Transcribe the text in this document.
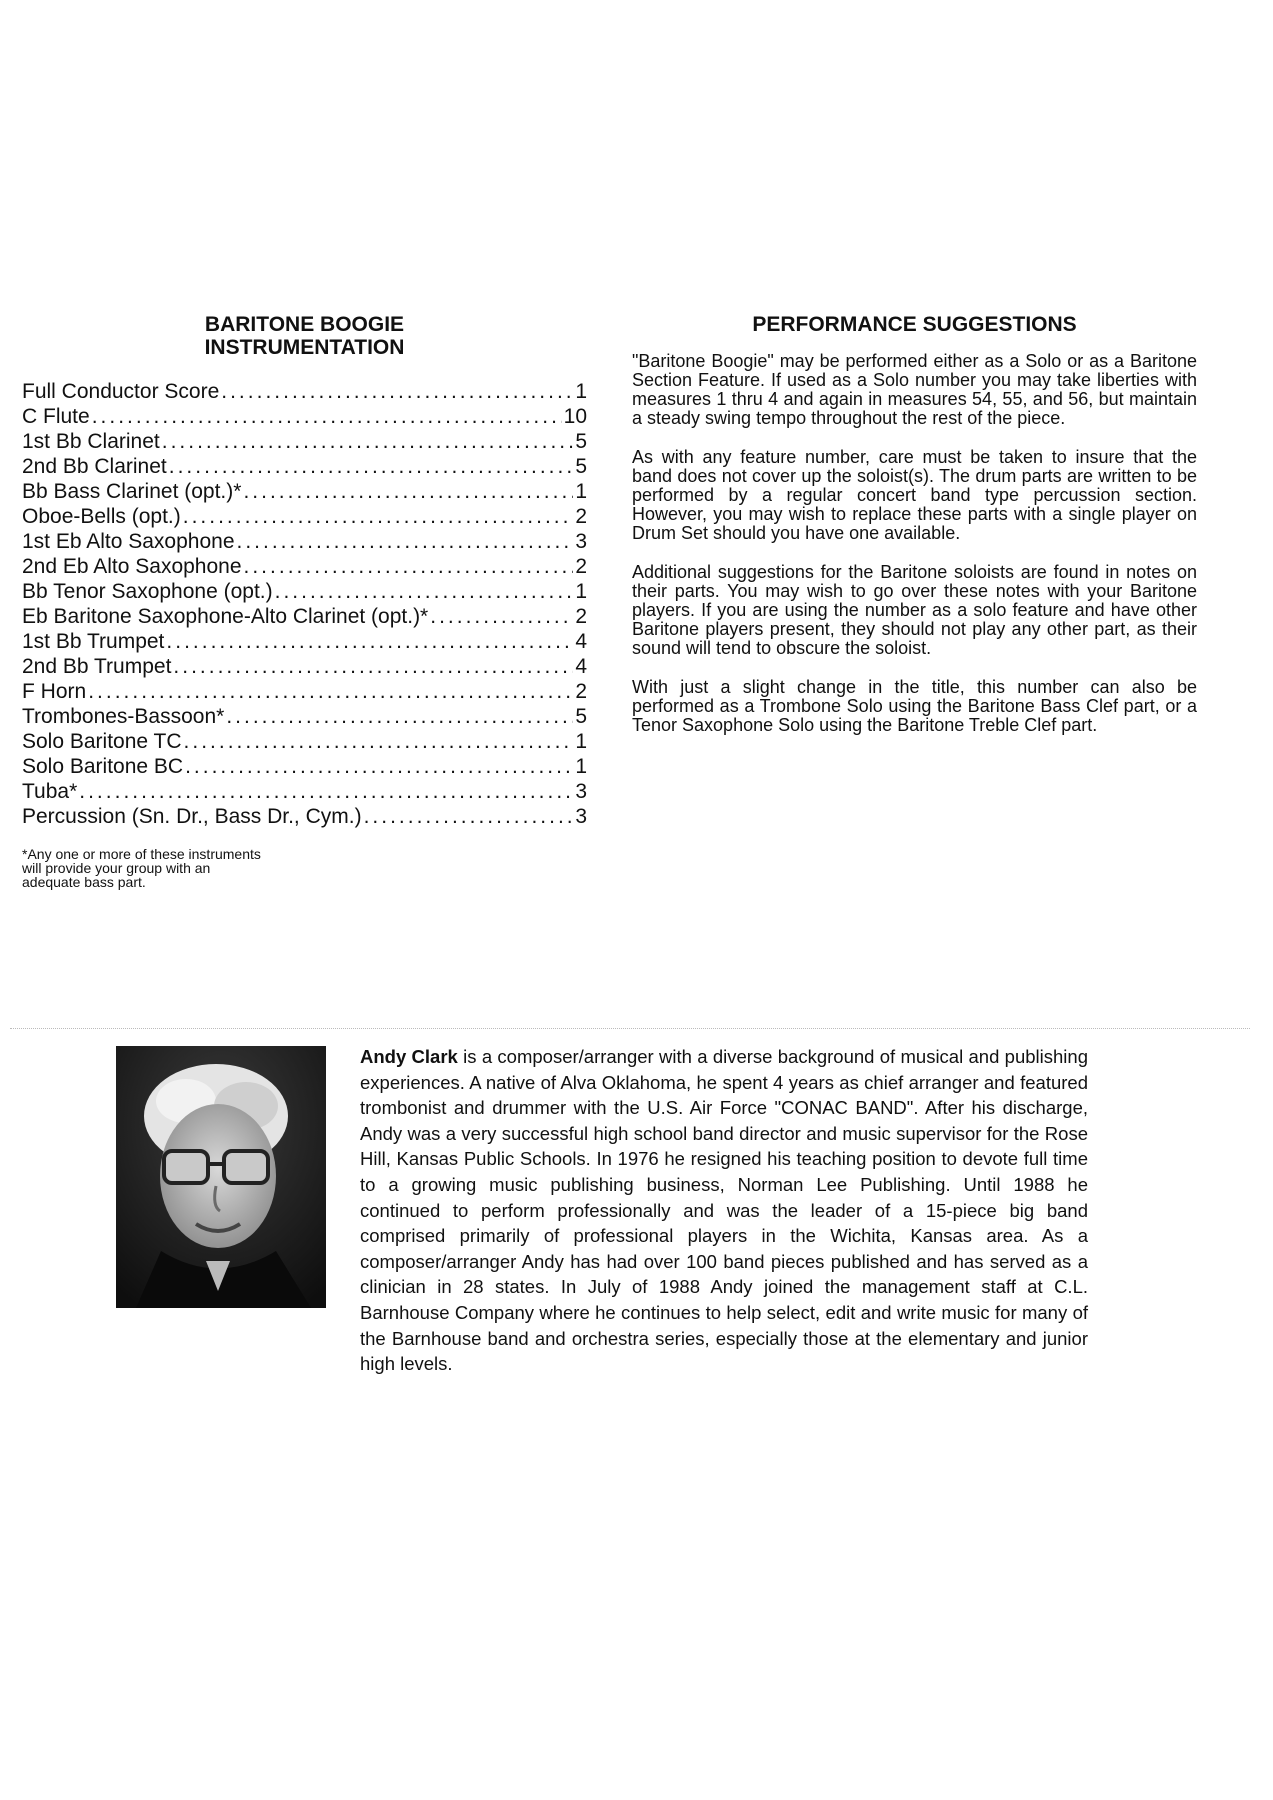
BARITONE BOOGIE

INSTRUMENTATION

Full Conductor Score .....	1
C Flute .....	10
1st Bb Clarinet .....	5
2nd Bb Clarinet .....	5
Bb Bass Clarinet (opt.)* .....	1
Oboe-Bells (opt.) .....	2
1st Eb Alto Saxophone .....	3
2nd Eb Alto Saxophone .....	2
Bb Tenor Saxophone (opt.) .....	1
Eb Baritone Saxophone-Alto Clarinet (opt.)* .....	2
1st Bb Trumpet .....	4
2nd Bb Trumpet .....	4
F Horn .....	2
Trombones-Bassoon* .....	5
Solo Baritone TC .....	1
Solo Baritone BC .....	1
Tuba* .....	3
Percussion (Sn. Dr., Bass Dr., Cym.) .....	3
*Any one or more of these instruments will provide your group with an adequate bass part.

PERFORMANCE SUGGESTIONS

"Baritone Boogie" may be performed either as a Solo or as a Baritone Section Feature. If used as a Solo number you may take liberties with measures 1 thru 4 and again in measures 54, 55, and 56, but maintain a steady swing tempo throughout the rest of the piece.

As with any feature number, care must be taken to insure that the band does not cover up the soloist(s). The drum parts are written to be performed by a regular concert band type percussion section. However, you may wish to replace these parts with a single player on Drum Set should you have one available.

Additional suggestions for the Baritone soloists are found in notes on their parts. You may wish to go over these notes with your Baritone players. If you are using the number as a solo feature and have other Baritone players present, they should not play any other part, as their sound will tend to obscure the soloist.

With just a slight change in the title, this number can also be performed as a Trombone Solo using the Baritone Bass Clef part, or a Tenor Saxophone Solo using the Baritone Treble Clef part.

Andy Clark is a composer/arranger with a diverse background of musical and publishing experiences. A native of Alva Oklahoma, he spent 4 years as chief arranger and featured trombonist and drummer with the U.S. Air Force "CONAC BAND". After his discharge, Andy was a very successful high school band director and music supervisor for the Rose Hill, Kansas Public Schools. In 1976 he resigned his teaching position to devote full time to a growing music publishing business, Norman Lee Publishing. Until 1988 he continued to perform professionally and was the leader of a 15-piece big band comprised primarily of professional players in the Wichita, Kansas area. As a composer/arranger Andy has had over 100 band pieces published and has served as a clinician in 28 states. In July of 1988 Andy joined the management staff at C.L. Barnhouse Company where he continues to help select, edit and write music for many of the Barnhouse band and orchestra series, especially those at the elementary and junior high levels.
